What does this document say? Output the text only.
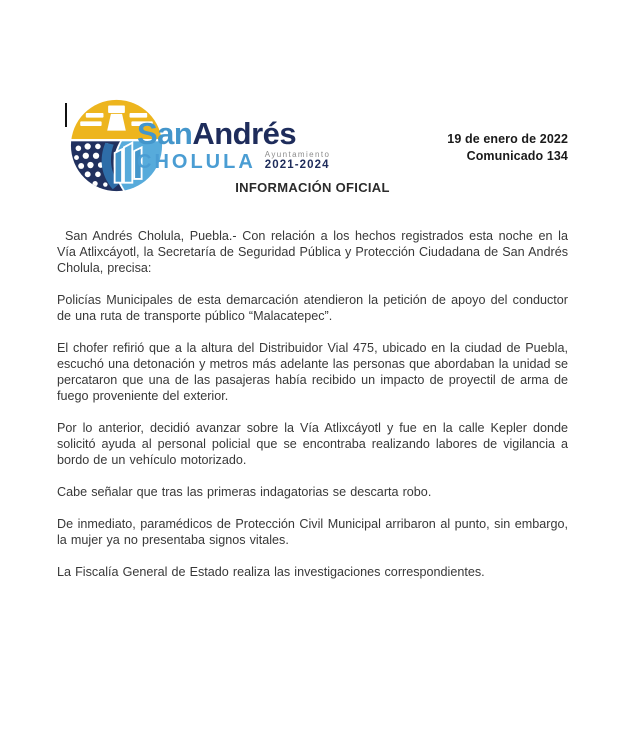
SanAndrés
CHOLULA Ayuntamiento
2021-2024
19 de enero de 2022
Comunicado 134
INFORMACIÓN OFICIAL

San Andrés Cholula, Puebla.- Con relación a los hechos registrados esta noche en la Vía Atlixcáyotl, la Secretaría de Seguridad Pública y Protección Ciudadana de San Andrés Cholula, precisa:

Policías Municipales de esta demarcación atendieron la petición de apoyo del conductor de una ruta de transporte público “Malacatepec”.

El chofer refirió que a la altura del Distribuidor Vial 475, ubicado en la ciudad de Puebla, escuchó una detonación y metros más adelante las personas que abordaban la unidad se percataron que una de las pasajeras había recibido un impacto de proyectil de arma de fuego proveniente del exterior.

Por lo anterior, decidió avanzar sobre la Vía Atlixcáyotl y fue en la calle Kepler donde solicitó ayuda al personal policial que se encontraba realizando labores de vigilancia a bordo de un vehículo motorizado.

Cabe señalar que tras las primeras indagatorias se descarta robo.

De inmediato, paramédicos de Protección Civil Municipal arribaron al punto, sin embargo, la mujer ya no presentaba signos vitales.

La Fiscalía General de Estado realiza las investigaciones correspondientes.
